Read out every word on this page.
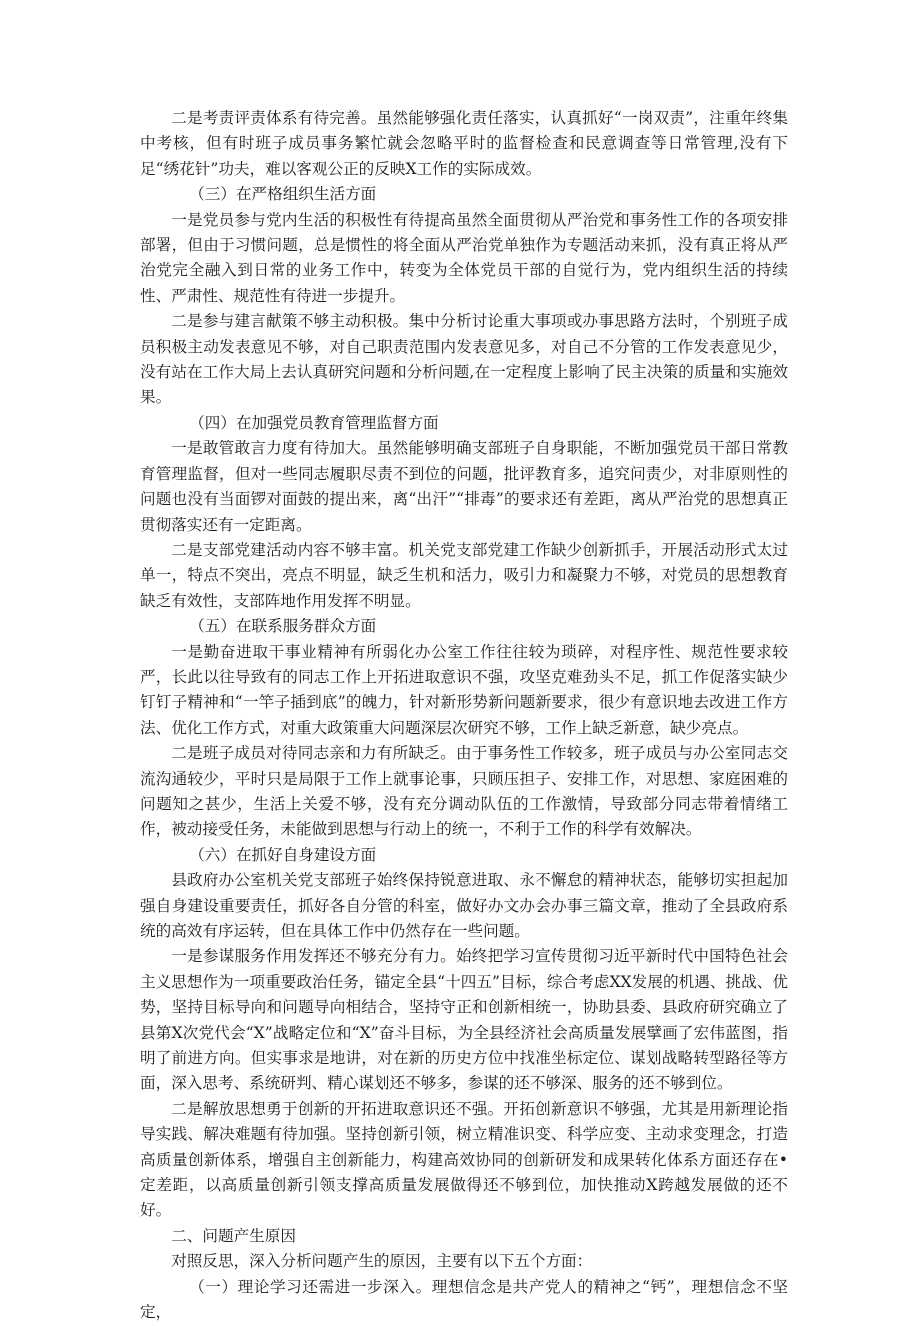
二是考责评责体系有待完善。虽然能够强化责任落实，认真抓好“一岗双责”，注重年终集中考核，但有时班子成员事务繁忙就会忽略平时的监督检查和民意调查等日常管理,没有下足“绣花针”功夫，难以客观公正的反映X工作的实际成效。

（三）在严格组织生活方面

一是党员参与党内生活的积极性有待提高虽然全面贯彻从严治党和事务性工作的各项安排部署，但由于习惯问题，总是惯性的将全面从严治党单独作为专题活动来抓，没有真正将从严治党完全融入到日常的业务工作中，转变为全体党员干部的自觉行为，党内组织生活的持续性、严肃性、规范性有待进一步提升。

二是参与建言献策不够主动积极。集中分析讨论重大事项或办事思路方法时，个别班子成员积极主动发表意见不够，对自己职责范围内发表意见多，对自己不分管的工作发表意见少，没有站在工作大局上去认真研究问题和分析问题,在一定程度上影响了民主决策的质量和实施效果。

（四）在加强党员教育管理监督方面

一是敢管敢言力度有待加大。虽然能够明确支部班子自身职能，不断加强党员干部日常教育管理监督，但对一些同志履职尽责不到位的问题，批评教育多，追究问责少，对非原则性的问题也没有当面锣对面鼓的提出来，离“出汗”“排毒”的要求还有差距，离从严治党的思想真正贯彻落实还有一定距离。

二是支部党建活动内容不够丰富。机关党支部党建工作缺少创新抓手，开展活动形式太过单一，特点不突出，亮点不明显，缺乏生机和活力，吸引力和凝聚力不够，对党员的思想教育缺乏有效性，支部阵地作用发挥不明显。

（五）在联系服务群众方面

一是勤奋进取干事业精神有所弱化办公室工作往往较为琐碎，对程序性、规范性要求较严，长此以往导致有的同志工作上开拓进取意识不强，攻坚克难劲头不足，抓工作促落实缺少钉钉子精神和“一竿子插到底”的魄力，针对新形势新问题新要求，很少有意识地去改进工作方法、优化工作方式，对重大政策重大问题深层次研究不够，工作上缺乏新意，缺少亮点。

二是班子成员对待同志亲和力有所缺乏。由于事务性工作较多，班子成员与办公室同志交流沟通较少，平时只是局限于工作上就事论事，只顾压担子、安排工作，对思想、家庭困难的问题知之甚少，生活上关爱不够，没有充分调动队伍的工作激情，导致部分同志带着情绪工作，被动接受任务，未能做到思想与行动上的统一，不利于工作的科学有效解决。

（六）在抓好自身建设方面

县政府办公室机关党支部班子始终保持锐意进取、永不懈怠的精神状态，能够切实担起加强自身建设重要责任，抓好各自分管的科室，做好办文办会办事三篇文章，推动了全县政府系统的高效有序运转，但在具体工作中仍然存在一些问题。

一是参谋服务作用发挥还不够充分有力。始终把学习宣传贯彻习近平新时代中国特色社会主义思想作为一项重要政治任务，锚定全县“十四五”目标，综合考虑XX发展的机遇、挑战、优势，坚持目标导向和问题导向相结合，坚持守正和创新相统一，协助县委、县政府研究确立了县第X次党代会“X”战略定位和“X”奋斗目标，为全县经济社会高质量发展擘画了宏伟蓝图，指明了前进方向。但实事求是地讲，对在新的历史方位中找准坐标定位、谋划战略转型路径等方面，深入思考、系统研判、精心谋划还不够多，参谋的还不够深、服务的还不够到位。

二是解放思想勇于创新的开拓进取意识还不强。开拓创新意识不够强，尤其是用新理论指导实践、解决难题有待加强。坚持创新引领，树立精准识变、科学应变、主动求变理念，打造高质量创新体系，增强自主创新能力，构建高效协同的创新研发和成果转化体系方面还存在•定差距，以高质量创新引领支撑高质量发展做得还不够到位，加快推动X跨越发展做的还不好。

二、问题产生原因

对照反思，深入分析问题产生的原因，主要有以下五个方面：

（一）理论学习还需进一步深入。理想信念是共产党人的精神之“钙”，理想信念不坚定，
